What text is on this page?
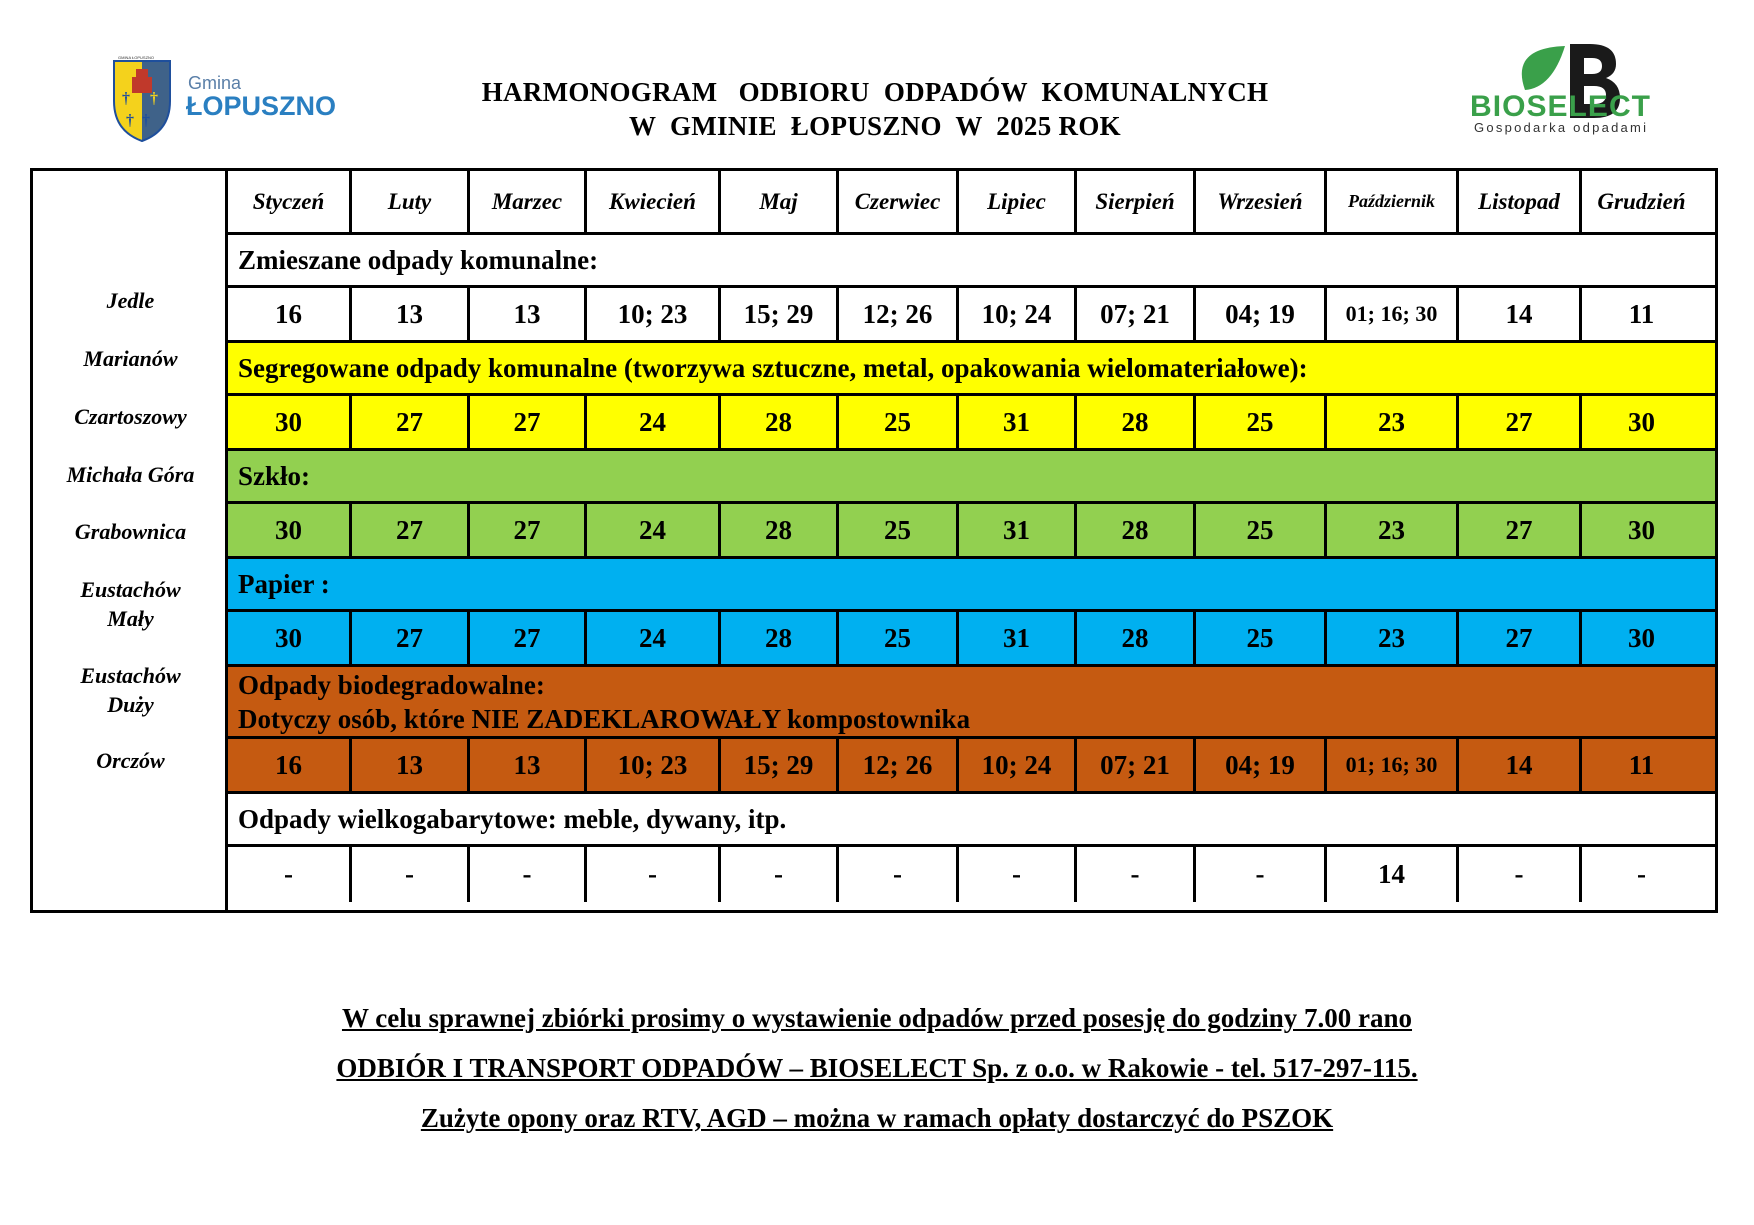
† †
† †
GMINA ŁOPUSZNO
Gmina
ŁOPUSZNO	HARMONOGRAM   ODBIORU  ODPADÓW  KOMUNALNYCH
W  GMINIE  ŁOPUSZNO  W  2025 ROK
BIOSELECT
Gospodarka odpadami
Jedle
Marianów
Czartoszowy
Michała Góra
Grabownica
Eustachów
Mały
Eustachów
Duży
Orczów
Styczeń	Luty	Marzec	Kwiecień	Maj	Czerwiec	Lipiec	Sierpień	Wrzesień	Październik	Listopad	Grudzień
Zmieszane odpady komunalne:
16	13	13	10; 23	15; 29	12; 26	10; 24	07; 21	04; 19	01; 16; 30	14	11
Segregowane odpady komunalne (tworzywa sztuczne, metal, opakowania wielomateriałowe):
30	27	27	24	28	25	31	28	25	23	27	30
Szkło:
30	27	27	24	28	25	31	28	25	23	27	30
Papier :
30	27	27	24	28	25	31	28	25	23	27	30
Odpady biodegradowalne:
Dotyczy osób, które NIE ZADEKLAROWAŁY kompostownika
16	13	13	10; 23	15; 29	12; 26	10; 24	07; 21	04; 19	01; 16; 30	14	11
Odpady wielkogabarytowe: meble, dywany, itp.
-	-	-	-	-	-	-	-	-	14	-	-
W celu sprawnej zbiórki prosimy o wystawienie odpadów przed posesję do godziny 7.00 rano
ODBIÓR I TRANSPORT ODPADÓW – BIOSELECT Sp. z o.o. w Rakowie - tel. 517-297-115.
Zużyte opony oraz RTV, AGD – można w ramach opłaty dostarczyć do PSZOK
